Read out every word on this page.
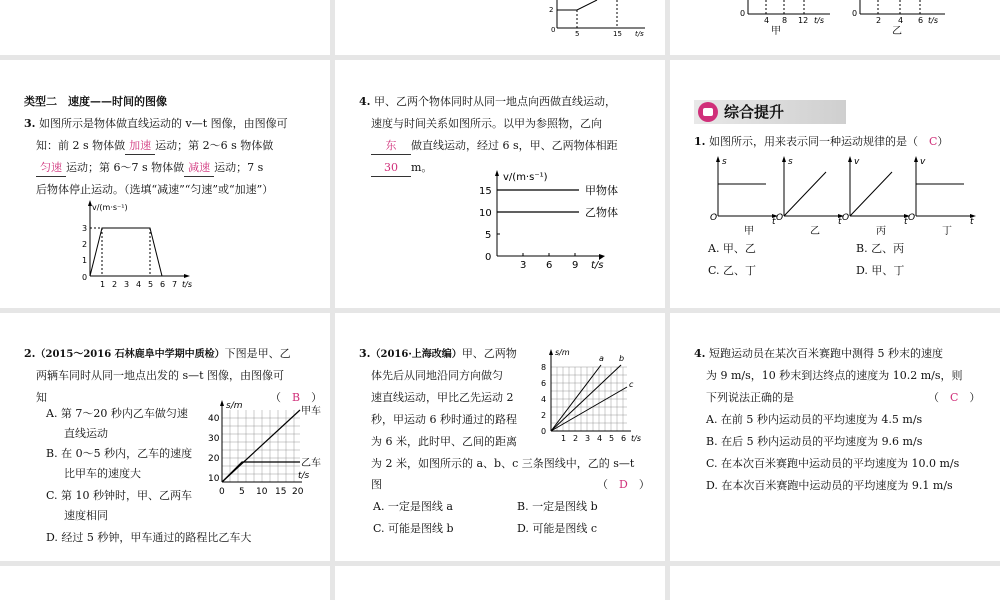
2
0	5	15 t/s
0
4 8 12 t/s
甲
0
2 4 6 t/s
乙
类型二　速度——时间的图像
3. 如图所示是物体做直线运动的 v—t 图像，由图像可
知：前 2 s 物体做 加速 运动；第 2～6 s 物体做
匀速 运动；第 6～7 s 物体做 减速 运动；7 s
后物体停止运动。（选填“减速”“匀速”或“加速”）
v/(m·s⁻¹)
3
2
1
0
1 2 3 4 5 6 7 t/s
4. 甲、乙两个物体同时从同一地点向西做直线运动，
速度与时间关系如图所示。以甲为参照物，乙向
东 做直线运动，经过 6 s，甲、乙两物体相距
30 m。
v/(m·s⁻¹)
15
10
5
0
3 6 9 t/s
甲物体
乙物体
综合提升
1. 如图所示，用来表示同一种运动规律的是（　C）
s
O	t
甲
s
O	t
乙
v
O	t
丙
v
O	t
丁
A. 甲、乙	B. 乙、丙
C. 乙、丁	D. 甲、丁
2.（2015～2016 石林鹿阜中学期中质检）下图是甲、乙
两辆车同时从同一地点出发的 s—t 图像，由图像可
知	（　B　）
A. 第 7～20 秒内乙车做匀速
直线运动
B. 在 0～5 秒内，乙车的速度
比甲车的速度大
C. 第 10 秒钟时，甲、乙两车
速度相同
D. 经过 5 秒钟，甲车通过的路程比乙车大
s/m
40
30
20
10
0 5 10 15 20
t/s
甲车
乙车
3.（2016·上海改编）甲、乙两物
体先后从同地沿同方向做匀
速直线运动，甲比乙先运动 2
秒，甲运动 6 秒时通过的路程
为 6 米，此时甲、乙间的距离
为 2 米，如图所示的 a、b、c 三条图线中，乙的 s—t
图	（　D　）
A. 一定是图线 a	B. 一定是图线 b
C. 可能是图线 b	D. 可能是图线 c
s/m
8
6
4
2
0
1 2 3 4 5 6 t/s
a b
c
4. 短跑运动员在某次百米赛跑中测得 5 秒末的速度
为 9 m/s，10 秒末到达终点的速度为 10.2 m/s，则
下列说法正确的是	（　C　）
A. 在前 5 秒内运动员的平均速度为 4.5 m/s
B. 在后 5 秒内运动员的平均速度为 9.6 m/s
C. 在本次百米赛跑中运动员的平均速度为 10.0 m/s
D. 在本次百米赛跑中运动员的平均速度为 9.1 m/s
